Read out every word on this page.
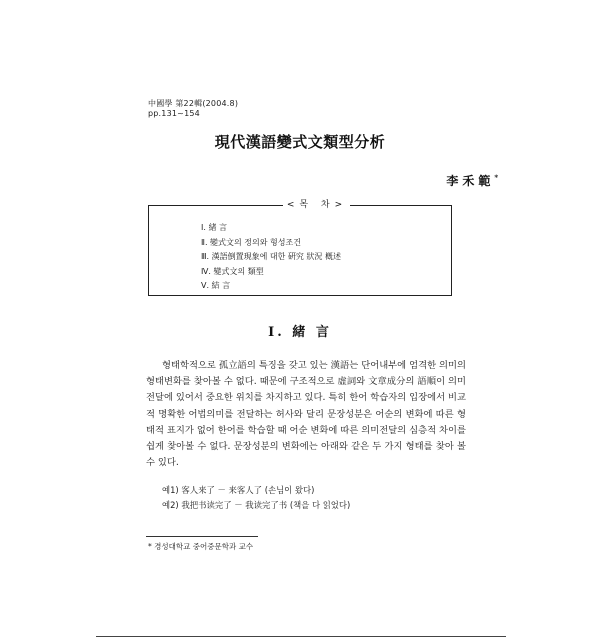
中國學 第22輯(2004.8)
pp.131~154
現代漢語變式文類型分析
李禾範*
<목 차>
Ⅰ. 緒 言
Ⅱ. 變式文의 정의와 형성조건
Ⅲ. 漢語倒置現象에 대한 硏究 狀況 槪述
Ⅳ. 變式文의 類型
Ⅴ. 結 言
Ⅰ. 緒 言

형태학적으로 孤立語의 특징을 갖고 있는 漢語는 단어내부에 엄격한 의미의 형태변화를 찾아볼 수 없다. 때문에 구조적으로 虛詞와 文章成分의 語順이 의미전달에 있어서 중요한 위치를 차지하고 있다. 특히 한어 학습자의 입장에서 비교적 명확한 어법의미를 전달하는 허사와 달리 문장성분은 어순의 변화에 따른 형태적 표지가 없어 한어를 학습할 때 어순 변화에 따른 의미전달의 심층적 차이를 쉽게 찾아볼 수 없다. 문장성분의 변화에는 아래와 같은 두 가지 형태를 찾아 볼 수 있다.

예1) 客人来了 － 来客人了 (손님이 왔다)
예2) 我把书读完了 － 我读完了书 (책을 다 읽었다)
* 경성대학교 중어중문학과 교수
